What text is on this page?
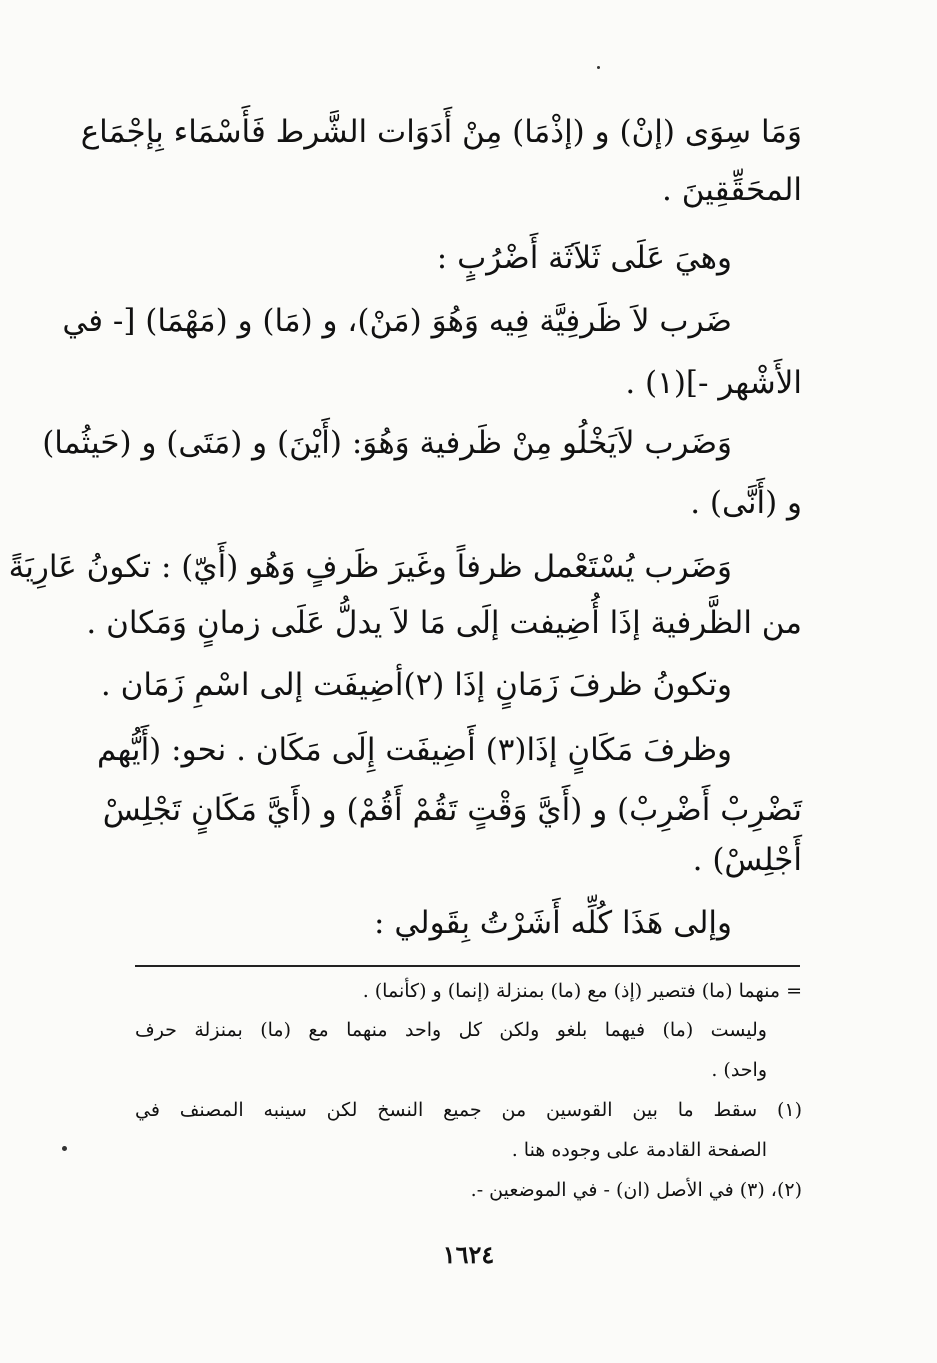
وَمَا سِوَى (إنْ) و (إذْمَا) مِنْ أَدَوَات الشَّرط فَأَسْمَاء بِإجْمَاع
المحَقِّقِينَ .
وهيَ عَلَى ثَلاَثَة أَضْرُبٍ :
ضَرب لاَ ظَرفِيَّة فِيه وَهُوَ (مَنْ)، و (مَا) و (مَهْمَا) [- في
الأَشْهر -](١) .
وَضَرب لاَيَخْلُو مِنْ ظَرفية وَهُوَ: (أَيْنَ) و (مَتَى) و (حَيثُما)
و (أَنَّى) .
وَضَرب يُسْتَعْمل ظرفاً وغَيرَ ظَرفٍ وَهُو (أَيّ) : تكونُ عَارِيَةً
من الظَّرفية إذَا أُضِيفت إلَى مَا لاَ يدلُّ عَلَى زمانٍ وَمَكان .
وتكونُ ظرفَ زَمَانٍ إذَا (٢)أضِيفَت إلى اسْمِ زَمَان .
وظرفَ مَكَانٍ إذَا(٣) أَضِيفَت إِلَى مَكَان . نحو: (أَيُّهم
تَضْرِبْ أَضْرِبْ) و (أَيَّ وَقْتٍ تَقُمْ أَقُمْ) و (أَيَّ مَكَانٍ تَجْلِسْ
أَجْلِسْ) .
وإلى هَذَا كُلِّه أَشَرْتُ بِقَولي :
= منهما (ما) فتصير (إذ) مع (ما) بمنزلة (إنما) و (كأنما) .
وليست (ما) فيهما بلغو ولكن كل واحد منهما مع (ما) بمنزلة حرف
واحد) .
(١) سقط ما بين القوسين من جميع النسخ لكن سينبه المصنف في
الصفحة القادمة على وجوده هنا .
(٢)، (٣) في الأصل (ان) - في الموضعين -.
١٦٢٤
